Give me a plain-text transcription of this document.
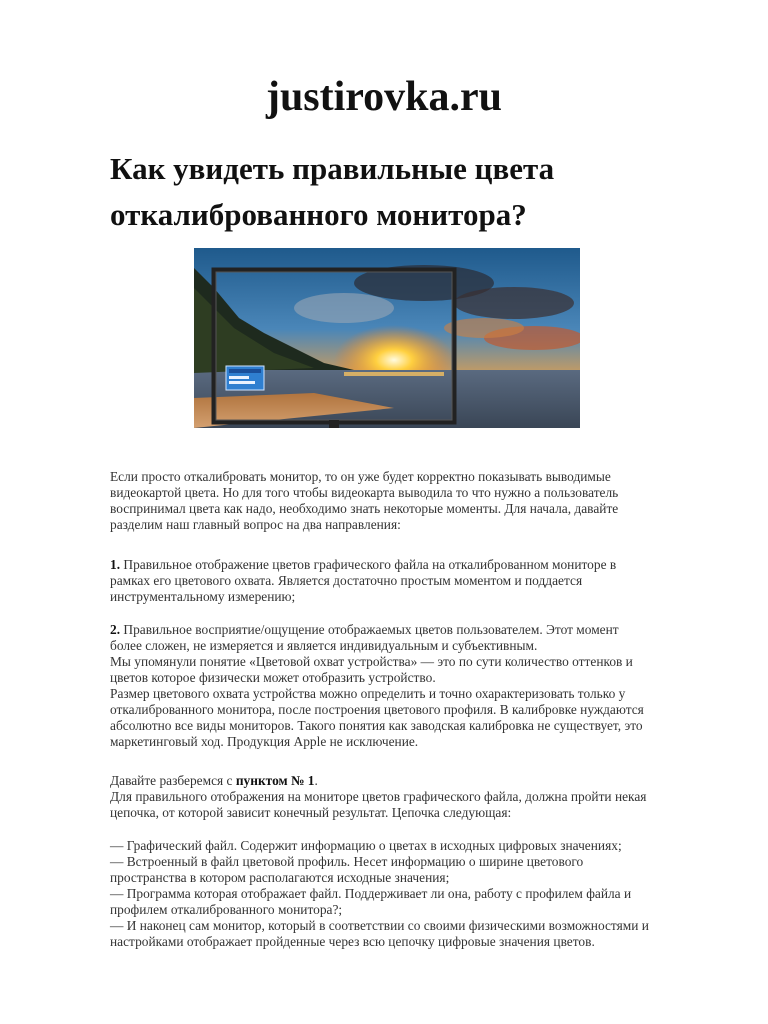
justirovka.ru
Как увидеть правильные цвета
откалиброванного монитора?

Если просто откалибровать монитор, то он уже будет корректно показывать выводимые
видеокартой цвета. Но для того чтобы видеокарта выводила то что нужно а пользователь
воспринимал цвета как надо, необходимо знать некоторые моменты. Для начала, давайте
разделим наш главный вопрос на два направления:

1. Правильное отображение цветов графического файла на откалиброванном мониторе в
рамках его цветового охвата. Является достаточно простым моментом и поддается
инструментальному измерению;

2. Правильное восприятие/ощущение отображаемых цветов пользователем. Этот момент
более сложен, не измеряется и является индивидуальным и субъективным.
Мы упомянули понятие «Цветовой охват устройства» — это по сути количество оттенков и
цветов которое физически может отобразить устройство.
Размер цветового охвата устройства можно определить и точно охарактеризовать только у
откалиброванного монитора, после построения цветового профиля. В калибровке нуждаются
абсолютно все виды мониторов. Такого понятия как заводская калибровка не существует, это
маркетинговый ход. Продукция Apple не исключение.

Давайте разберемся с пунктом № 1.
Для правильного отображения на мониторе цветов графического файла, должна пройти некая
цепочка, от которой зависит конечный результат. Цепочка следующая:

— Графический файл. Содержит информацию о цветах в исходных цифровых значениях;
— Встроенный в файл цветовой профиль. Несет информацию о ширине цветового
пространства в котором располагаются исходные значения;
— Программа которая отображает файл. Поддерживает ли она, работу с профилем файла и
профилем откалиброванного монитора?;
— И наконец сам монитор, который в соответствии со своими физическими возможностями и
настройками отображает пройденные через всю цепочку цифровые значения цветов.
